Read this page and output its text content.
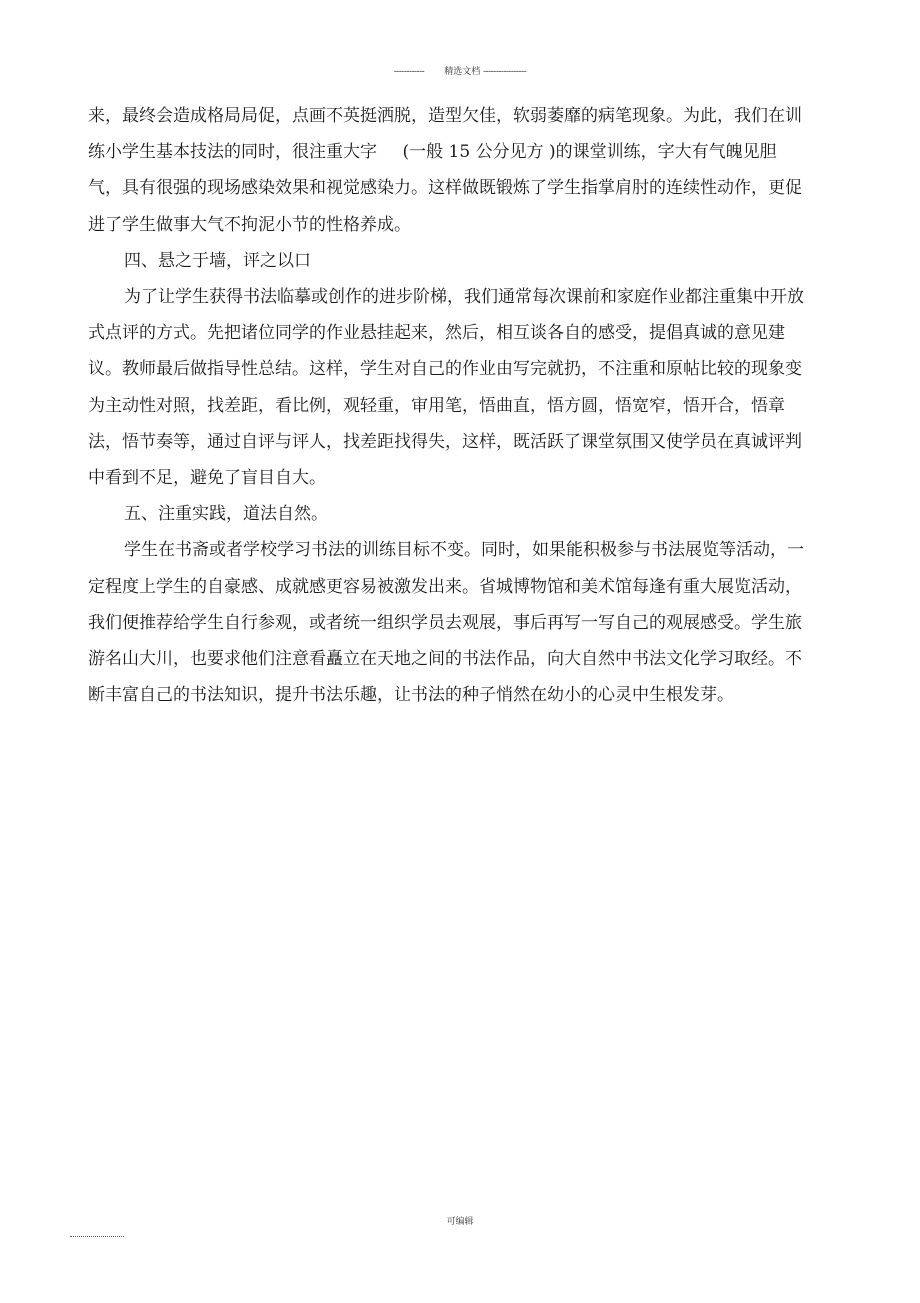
------------ 精选文档 -----------------

来，最终会造成格局局促，点画不英挺洒脱，造型欠佳，软弱萎靡的病笔现象。为此，我们在训练小学生基本技法的同时，很注重大字　 (一般 15 公分见方 )的课堂训练，字大有气魄见胆气，具有很强的现场感染效果和视觉感染力。这样做既锻炼了学生指掌肩肘的连续性动作，更促进了学生做事大气不拘泥小节的性格养成。

四、悬之于墙，评之以口

为了让学生获得书法临摹或创作的进步阶梯，我们通常每次课前和家庭作业都注重集中开放式点评的方式。先把诸位同学的作业悬挂起来，然后，相互谈各自的感受，提倡真诚的意见建议。教师最后做指导性总结。这样，学生对自己的作业由写完就扔，不注重和原帖比较的现象变为主动性对照，找差距，看比例，观轻重，审用笔，悟曲直，悟方圆，悟宽窄，悟开合，悟章法，悟节奏等，通过自评与评人，找差距找得失，这样，既活跃了课堂氛围又使学员在真诚评判中看到不足，避免了盲目自大。

五、注重实践，道法自然。

学生在书斋或者学校学习书法的训练目标不变。同时，如果能积极参与书法展览等活动，一定程度上学生的自豪感、成就感更容易被激发出来。省城博物馆和美术馆每逢有重大展览活动，我们便推荐给学生自行参观，或者统一组织学员去观展，事后再写一写自己的观展感受。学生旅游名山大川，也要求他们注意看矗立在天地之间的书法作品，向大自然中书法文化学习取经。不断丰富自己的书法知识，提升书法乐趣，让书法的种子悄然在幼小的心灵中生根发芽。

可编辑
